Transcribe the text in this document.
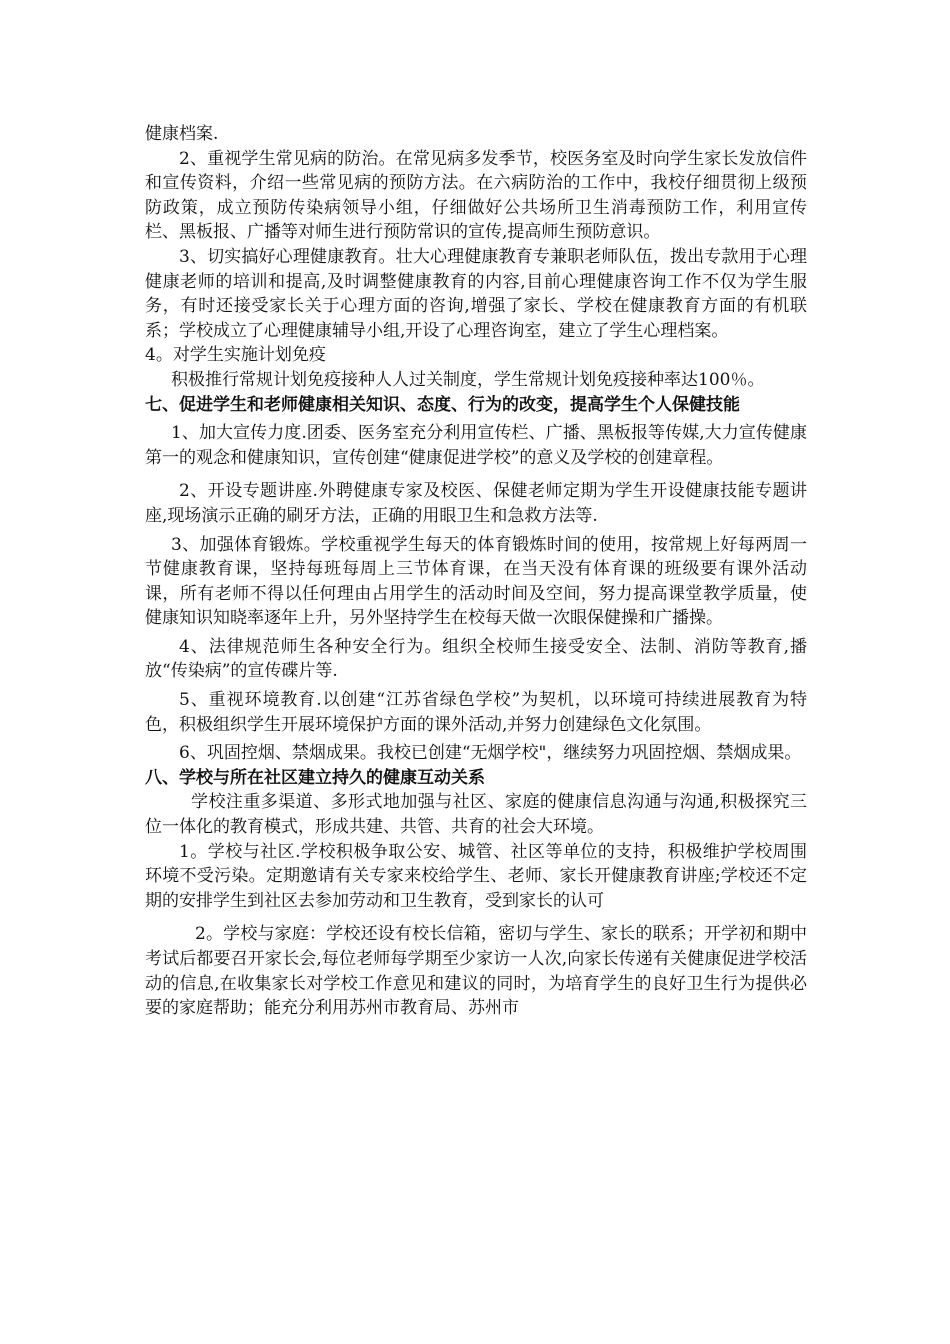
健康档案.

2、重视学生常见病的防治。在常见病多发季节，校医务室及时向学生家长发放信件和宣传资料，介绍一些常见病的预防方法。在六病防治的工作中，我校仔细贯彻上级预防政策，成立预防传染病领导小组，仔细做好公共场所卫生消毒预防工作，利用宣传栏、黑板报、广播等对师生进行预防常识的宣传,提高师生预防意识。

3、切实搞好心理健康教育。壮大心理健康教育专兼职老师队伍，拨出专款用于心理健康老师的培训和提高,及时调整健康教育的内容,目前心理健康咨询工作不仅为学生服务，有时还接受家长关于心理方面的咨询,增强了家长、学校在健康教育方面的有机联系；学校成立了心理健康辅导小组,开设了心理咨询室，建立了学生心理档案。

4。对学生实施计划免疫

积极推行常规计划免疫接种人人过关制度，学生常规计划免疫接种率达100％。

七、促进学生和老师健康相关知识、态度、行为的改变，提高学生个人保健技能

1、加大宣传力度.团委、医务室充分利用宣传栏、广播、黑板报等传媒,大力宣传健康第一的观念和健康知识，宣传创建“健康促进学校”的意义及学校的创建章程。

2、开设专题讲座.外聘健康专家及校医、保健老师定期为学生开设健康技能专题讲座,现场演示正确的刷牙方法，正确的用眼卫生和急救方法等.

3、加强体育锻炼。学校重视学生每天的体育锻炼时间的使用，按常规上好每两周一节健康教育课，坚持每班每周上三节体育课，在当天没有体育课的班级要有课外活动课，所有老师不得以任何理由占用学生的活动时间及空间，努力提高课堂教学质量，使健康知识知晓率逐年上升，另外坚持学生在校每天做一次眼保健操和广播操。

4、法律规范师生各种安全行为。组织全校师生接受安全、法制、消防等教育,播放“传染病”的宣传碟片等.

5、重视环境教育.以创建“江苏省绿色学校”为契机，以环境可持续进展教育为特色，积极组织学生开展环境保护方面的课外活动,并努力创建绿色文化氛围。

6、巩固控烟、禁烟成果。我校已创建“无烟学校"，继续努力巩固控烟、禁烟成果。

八、学校与所在社区建立持久的健康互动关系

学校注重多渠道、多形式地加强与社区、家庭的健康信息沟通与沟通,积极探究三位一体化的教育模式，形成共建、共管、共育的社会大环境。

1。学校与社区.学校积极争取公安、城管、社区等单位的支持，积极维护学校周围环境不受污染。定期邀请有关专家来校给学生、老师、家长开健康教育讲座;学校还不定期的安排学生到社区去参加劳动和卫生教育，受到家长的认可

2。学校与家庭：学校还设有校长信箱，密切与学生、家长的联系；开学初和期中考试后都要召开家长会,每位老师每学期至少家访一人次,向家长传递有关健康促进学校活动的信息,在收集家长对学校工作意见和建议的同时，为培育学生的良好卫生行为提供必要的家庭帮助；能充分利用苏州市教育局、苏州市
